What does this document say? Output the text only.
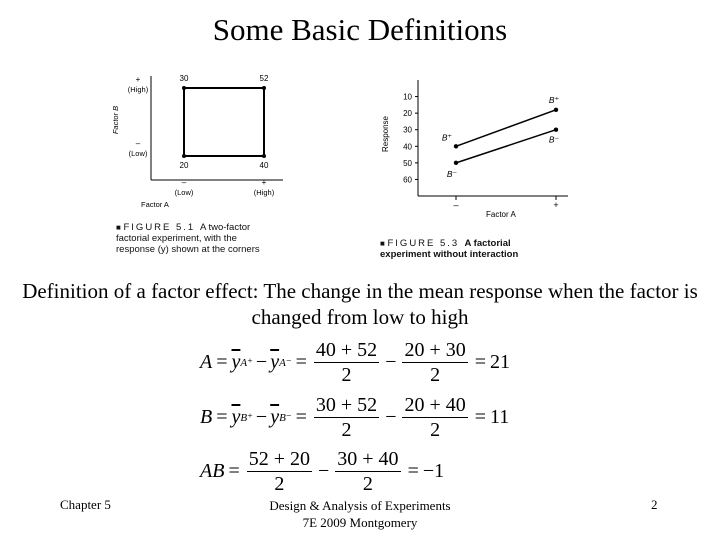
Some Basic Definitions
30	52
20	40
+
(High)
–
(Low)
Factor B
–
(Low)
+
(High)
Factor A
■ FIGURE 5.1 A two-factor
factorial experiment, with the
response (y) shown at the corners
Response
Factor A
60
50
40
30
20
10
–	+
B⁺
B⁺
B⁻
B⁻
■ FIGURE 5.3 A factorial
experiment without interaction
Definition of a factor effect: The change in the mean response when the factor is changed from low to high
$A = \overline{y}$ $A^+ - \overline{y}$ $A^- = \frac{40 + 52}{2} - \frac{20 + 30}{2} = 21$
$B = \overline{y}$ $B^+ - \overline{y}$ $B^- = \frac{30 + 52}{2} - \frac{20 + 40}{2} = 11$
AB = $\frac{52 + 20}{2} - \frac{30 + 40}{2} = -1$
Chapter 5	Design & Analysis of Experiments
7E 2009 Montgomery
2
